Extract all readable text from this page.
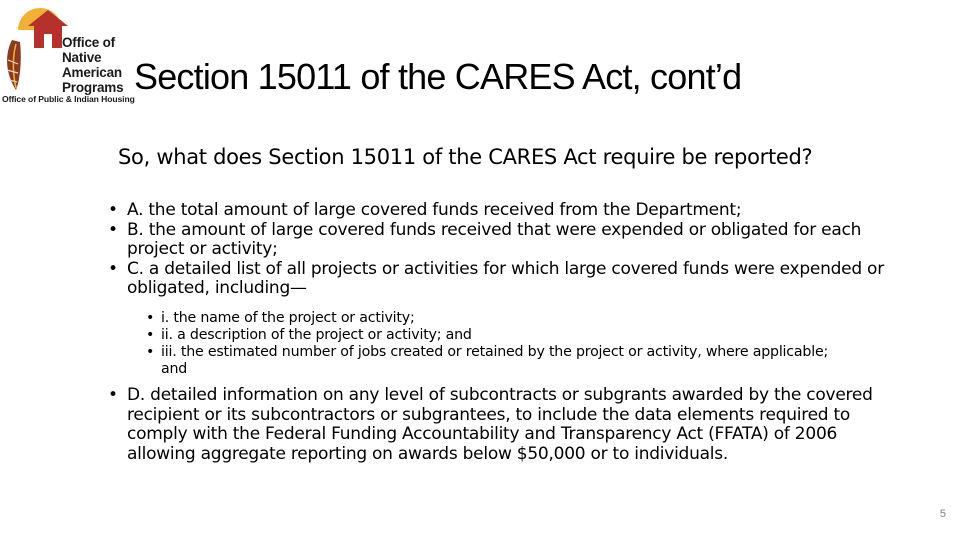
Office of
Native American
Programs
Office of Public & Indian Housing
Section 15011 of the CARES Act, cont’d
So, what does Section 15011 of the CARES Act require be reported?
• A. the total amount of large covered funds received from the Department;
• B. the amount of large covered funds received that were expended or obligated for each project or activity;
• C. a detailed list of all projects or activities for which large covered funds were expended or obligated, including—
• i. the name of the project or activity;
• ii. a description of the project or activity; and
• iii. the estimated number of jobs created or retained by the project or activity, where applicable; and
• D. detailed information on any level of subcontracts or subgrants awarded by the covered recipient or its subcontractors or subgrantees, to include the data elements required to comply with the Federal Funding Accountability and Transparency Act (FFATA) of 2006 allowing aggregate reporting on awards below $50,000 or to individuals.
5
